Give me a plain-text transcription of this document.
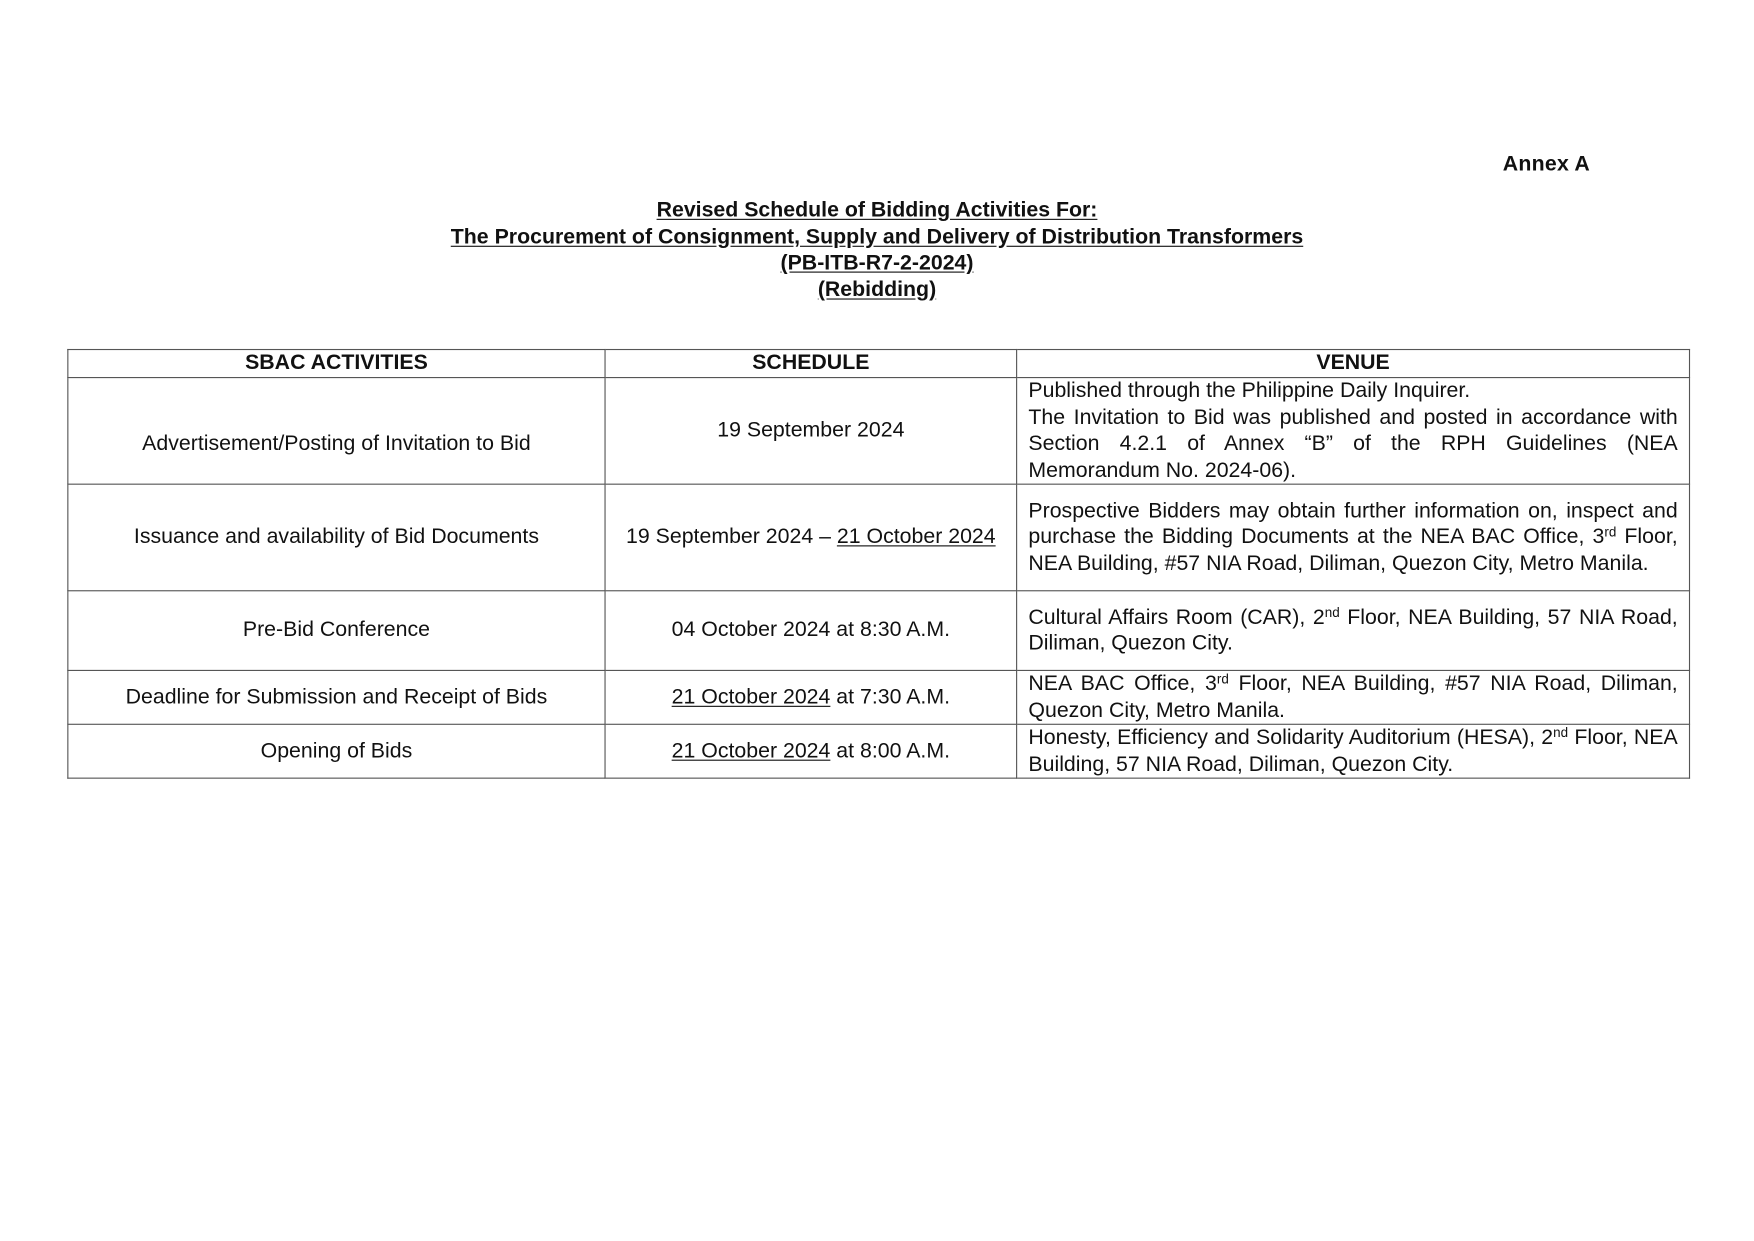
Annex A
Revised Schedule of Bidding Activities For:
The Procurement of Consignment, Supply and Delivery of Distribution Transformers
(PB-ITB-R7-2-2024)
(Rebidding)
SBAC ACTIVITIES	SCHEDULE	VENUE
Advertisement/Posting of Invitation to Bid	19 September 2024	Published through the Philippine Daily Inquirer.
The Invitation to Bid was published and posted in accordance with Section 4.2.1 of Annex “B” of the RPH Guidelines (NEA Memorandum No. 2024-06).

Issuance and availability of Bid Documents	19 September 2024 – 21 October 2024	Prospective Bidders may obtain further information on, inspect and purchase the Bidding Documents at the NEA BAC Office, 3rd Floor, NEA Building, #57 NIA Road, Diliman, Quezon City, Metro Manila.
Pre-Bid Conference	04 October 2024 at 8:30 A.M.	Cultural Affairs Room (CAR), 2nd Floor, NEA Building, 57 NIA Road, Diliman, Quezon City.
Deadline for Submission and Receipt of Bids	21 October 2024 at 7:30 A.M.	NEA BAC Office, 3rd Floor, NEA Building, #57 NIA Road, Diliman, Quezon City, Metro Manila.
Opening of Bids	21 October 2024 at 8:00 A.M.	Honesty, Efficiency and Solidarity Auditorium (HESA), 2nd Floor, NEA Building, 57 NIA Road, Diliman, Quezon City.
